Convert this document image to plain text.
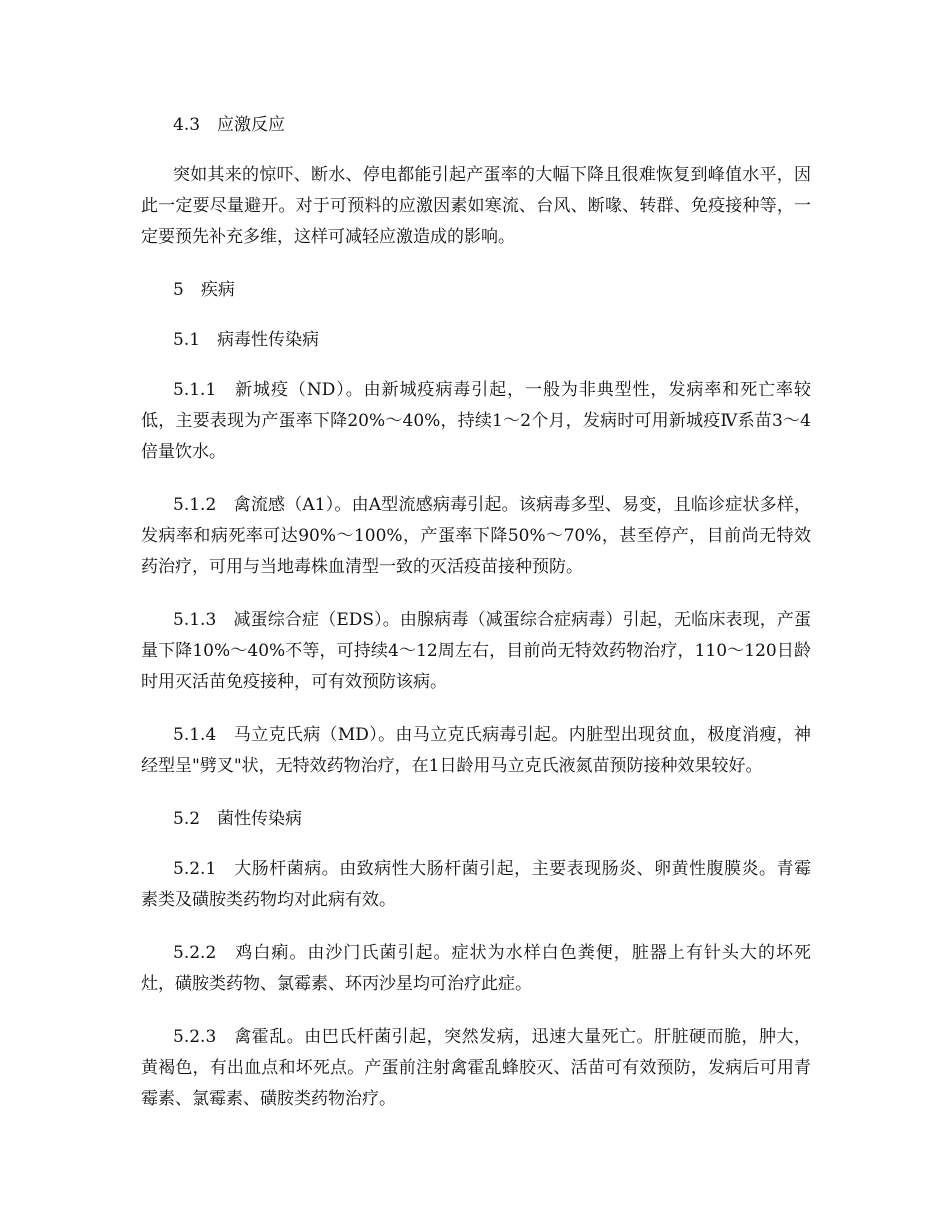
4.3　应激反应

突如其来的惊吓、断水、停电都能引起产蛋率的大幅下降且很难恢复到峰值水平，因此一定要尽量避开。对于可预料的应激因素如寒流、台风、断喙、转群、免疫接种等，一定要预先补充多维，这样可减轻应激造成的影响。

5　疾病

5.1　病毒性传染病

5.1.1　新城疫（ND）。由新城疫病毒引起，一般为非典型性，发病率和死亡率较低，主要表现为产蛋率下降20%～40%，持续1～2个月，发病时可用新城疫Ⅳ系苗3～4倍量饮水。

5.1.2　禽流感（A1）。由A型流感病毒引起。该病毒多型、易变，且临诊症状多样，发病率和病死率可达90%～100%，产蛋率下降50%～70%，甚至停产，目前尚无特效药治疗，可用与当地毒株血清型一致的灭活疫苗接种预防。

5.1.3　减蛋综合症（EDS）。由腺病毒（减蛋综合症病毒）引起，无临床表现，产蛋量下降10%～40%不等，可持续4～12周左右，目前尚无特效药物治疗，110～120日龄时用灭活苗免疫接种，可有效预防该病。

5.1.4　马立克氏病（MD）。由马立克氏病毒引起。内脏型出现贫血，极度消瘦，神经型呈"劈叉"状，无特效药物治疗，在1日龄用马立克氏液氮苗预防接种效果较好。

5.2　菌性传染病

5.2.1　大肠杆菌病。由致病性大肠杆菌引起，主要表现肠炎、卵黄性腹膜炎。青霉素类及磺胺类药物均对此病有效。

5.2.2　鸡白痢。由沙门氏菌引起。症状为水样白色粪便，脏器上有针头大的坏死灶，磺胺类药物、氯霉素、环丙沙星均可治疗此症。

5.2.3　禽霍乱。由巴氏杆菌引起，突然发病，迅速大量死亡。肝脏硬而脆，肿大，黄褐色，有出血点和坏死点。产蛋前注射禽霍乱蜂胶灭、活苗可有效预防，发病后可用青霉素、氯霉素、磺胺类药物治疗。
